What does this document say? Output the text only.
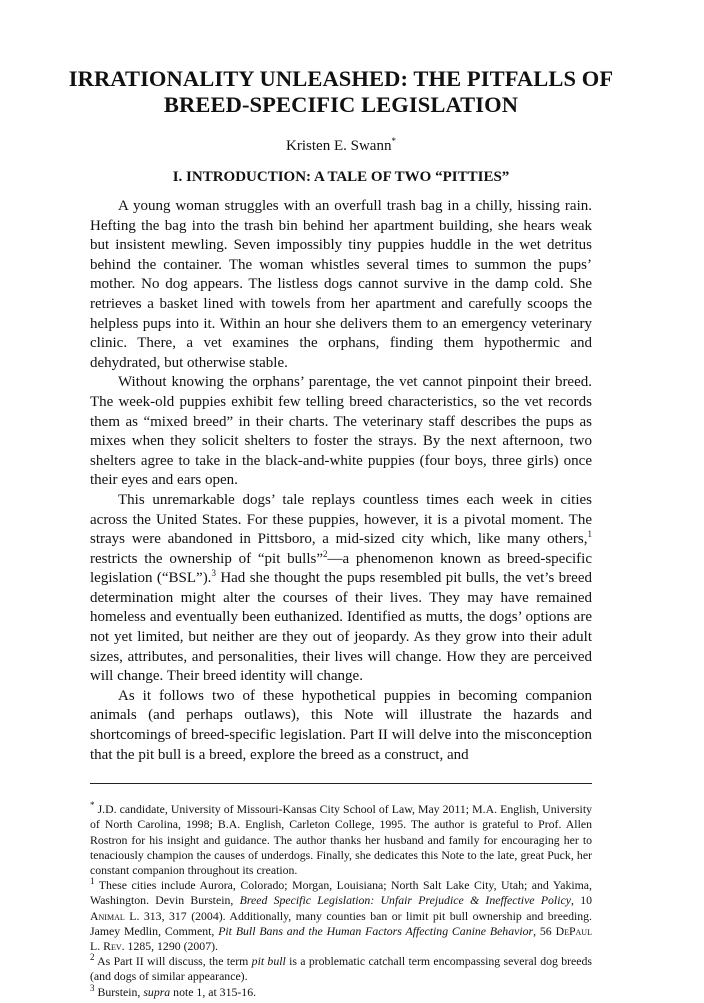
IRRATIONALITY UNLEASHED: THE PITFALLS OF
BREED-SPECIFIC LEGISLATION
Kristen E. Swann*
I. INTRODUCTION: A TALE OF TWO “PITTIES”

A young woman struggles with an overfull trash bag in a chilly, hissing rain. Hefting the bag into the trash bin behind her apartment building, she hears weak but insistent mewling. Seven impossibly tiny puppies huddle in the wet detritus behind the container. The woman whistles several times to summon the pups’ mother. No dog appears. The listless dogs cannot survive in the damp cold. She retrieves a basket lined with towels from her apartment and carefully scoops the helpless pups into it. Within an hour she delivers them to an emergency veterinary clinic. There, a vet examines the orphans, finding them hypothermic and dehydrated, but otherwise stable.

Without knowing the orphans’ parentage, the vet cannot pinpoint their breed. The week-old puppies exhibit few telling breed characteristics, so the vet records them as “mixed breed” in their charts. The veterinary staff describes the pups as mixes when they solicit shelters to foster the strays. By the next afternoon, two shelters agree to take in the black-and-white puppies (four boys, three girls) once their eyes and ears open.

This unremarkable dogs’ tale replays countless times each week in cities across the United States. For these puppies, however, it is a pivotal moment. The strays were abandoned in Pittsboro, a mid-sized city which, like many others,$^1$ restricts the ownership of “pit bulls”$^2$—a phenomenon known as breed-specific legislation (“BSL”).$^3$ Had she thought the pups resembled pit bulls, the vet’s breed determination might alter the courses of their lives. They may have remained homeless and eventually been euthanized. Identified as mutts, the dogs’ options are not yet limited, but neither are they out of jeopardy. As they grow into their adult sizes, attributes, and personalities, their lives will change. How they are perceived will change. Their breed identity will change.

As it follows two of these hypothetical puppies in becoming companion animals (and perhaps outlaws), this Note will illustrate the hazards and shortcomings of breed-specific legislation. Part II will delve into the misconception that the pit bull is a breed, explore the breed as a construct, and

* J.D. candidate, University of Missouri-Kansas City School of Law, May 2011; M.A. English, University of North Carolina, 1998; B.A. English, Carleton College, 1995. The author is grateful to Prof. Allen Rostron for his insight and guidance. The author thanks her husband and family for encouraging her to tenaciously champion the causes of underdogs. Finally, she dedicates this Note to the late, great Puck, her constant companion throughout its creation.

$^1$ These cities include Aurora, Colorado; Morgan, Louisiana; North Salt Lake City, Utah; and Yakima, Washington. Devin Burstein, Breed Specific Legislation: Unfair Prejudice & Ineffective Policy, 10 Animal L. 313, 317 (2004). Additionally, many counties ban or limit pit bull ownership and breeding. Jamey Medlin, Comment, Pit Bull Bans and the Human Factors Affecting Canine Behavior, 56 DePaul L. Rev. 1285, 1290 (2007).

$^2$ As Part II will discuss, the term pit bull is a problematic catchall term encompassing several dog breeds (and dogs of similar appearance).

$^3$ Burstein, supra note 1, at 315-16.
